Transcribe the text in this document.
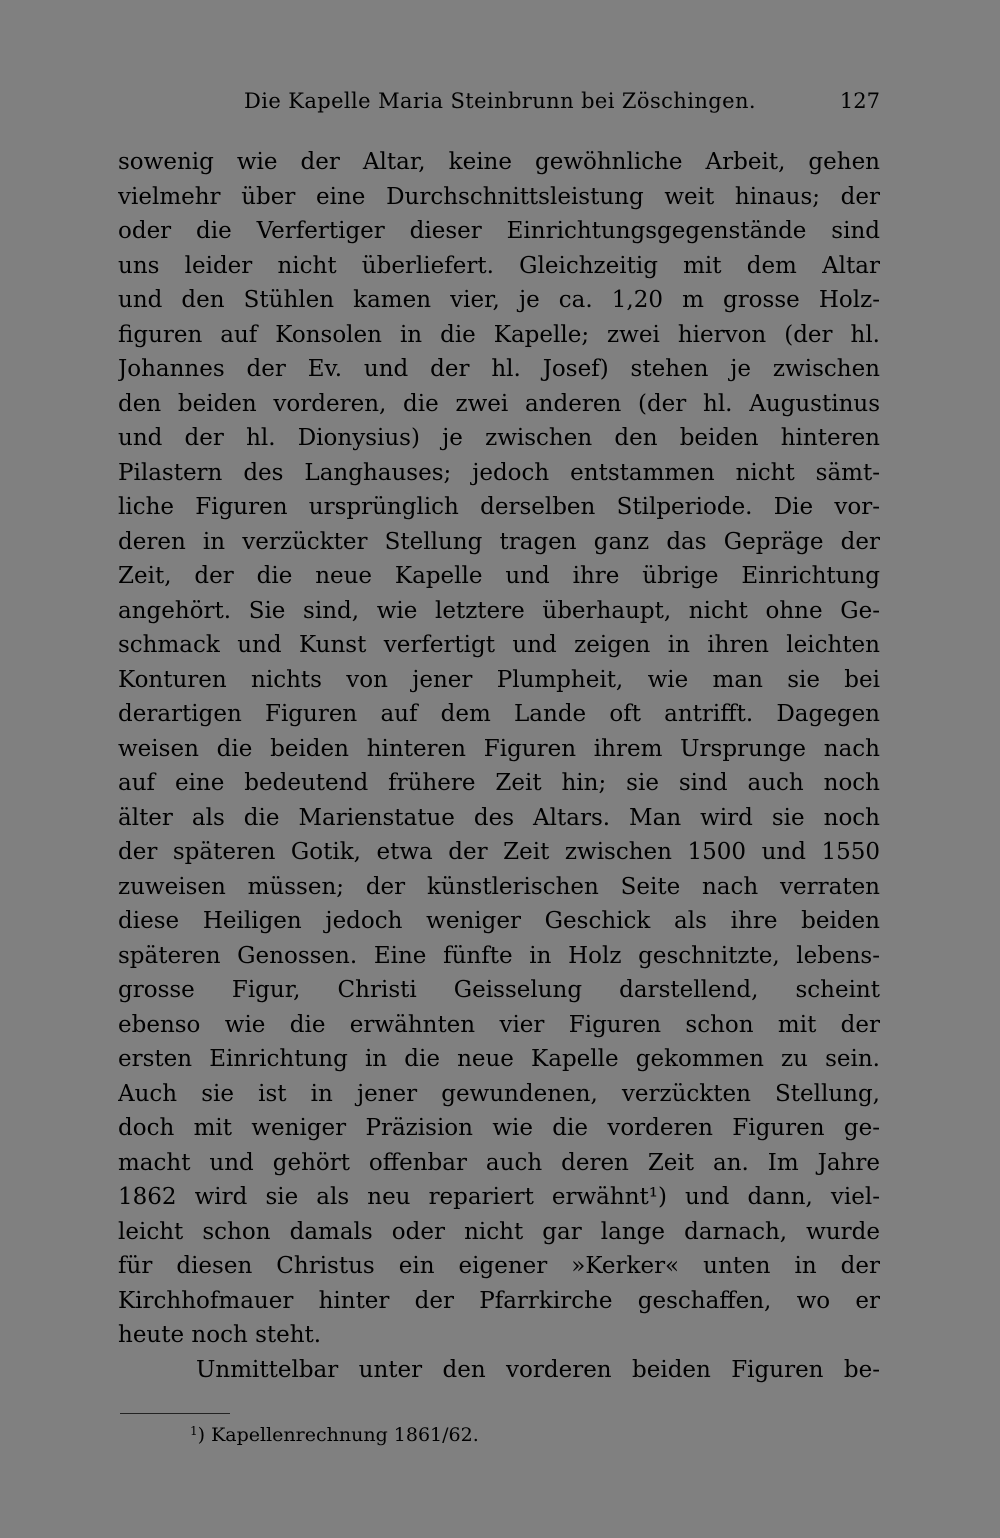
Die Kapelle Maria Steinbrunn bei Zöschingen.	127
sowenig wie der Altar, keine gewöhnliche Arbeit, gehen
vielmehr über eine Durchschnittsleistung weit hinaus; der
oder die Verfertiger dieser Einrichtungsgegenstände sind
uns leider nicht überliefert. Gleichzeitig mit dem Altar
und den Stühlen kamen vier, je ca. 1,20 m grosse Holz-
figuren auf Konsolen in die Kapelle; zwei hiervon (der hl.
Johannes der Ev. und der hl. Josef) stehen je zwischen
den beiden vorderen, die zwei anderen (der hl. Augustinus
und der hl. Dionysius) je zwischen den beiden hinteren
Pilastern des Langhauses; jedoch entstammen nicht sämt-
liche Figuren ursprünglich derselben Stilperiode. Die vor-
deren in verzückter Stellung tragen ganz das Gepräge der
Zeit, der die neue Kapelle und ihre übrige Einrichtung
angehört. Sie sind, wie letztere überhaupt, nicht ohne Ge-
schmack und Kunst verfertigt und zeigen in ihren leichten
Konturen nichts von jener Plumpheit, wie man sie bei
derartigen Figuren auf dem Lande oft antrifft. Dagegen
weisen die beiden hinteren Figuren ihrem Ursprunge nach
auf eine bedeutend frühere Zeit hin; sie sind auch noch
älter als die Marienstatue des Altars. Man wird sie noch
der späteren Gotik, etwa der Zeit zwischen 1500 und 1550
zuweisen müssen; der künstlerischen Seite nach verraten
diese Heiligen jedoch weniger Geschick als ihre beiden
späteren Genossen. Eine fünfte in Holz geschnitzte, lebens-
grosse Figur, Christi Geisselung darstellend, scheint
ebenso wie die erwähnten vier Figuren schon mit der
ersten Einrichtung in die neue Kapelle gekommen zu sein.
Auch sie ist in jener gewundenen, verzückten Stellung,
doch mit weniger Präzision wie die vorderen Figuren ge-
macht und gehört offenbar auch deren Zeit an. Im Jahre
1862 wird sie als neu repariert erwähnt¹) und dann, viel-
leicht schon damals oder nicht gar lange darnach, wurde
für diesen Christus ein eigener »Kerker« unten in der
Kirchhofmauer hinter der Pfarrkirche geschaffen, wo er
heute noch steht.
Unmittelbar unter den vorderen beiden Figuren be-
$^1$) Kapellenrechnung 1861/62.
